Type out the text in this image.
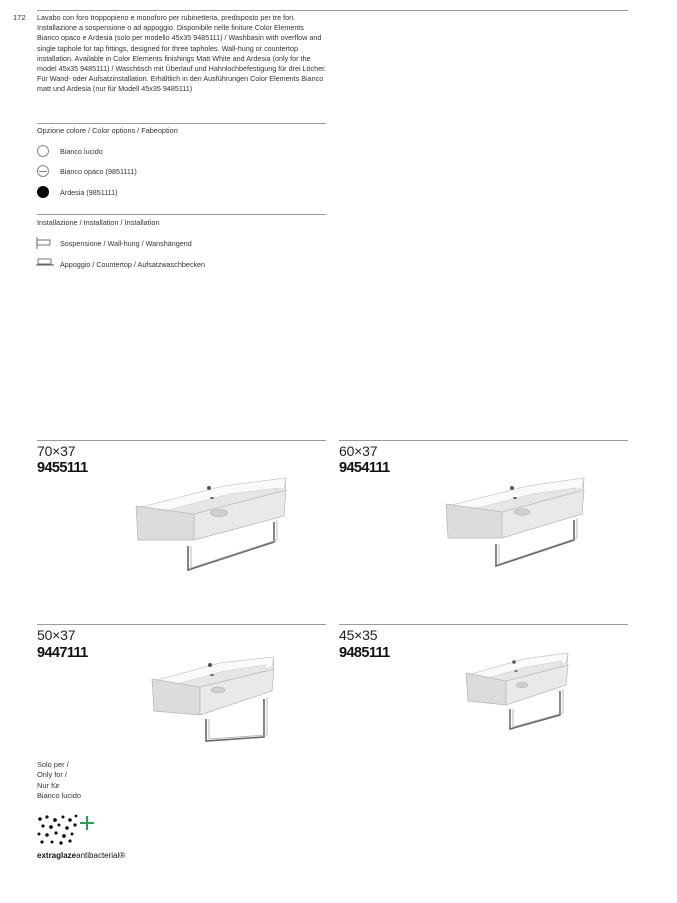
172 Lavabo con foro troppopieno e monoforo per rubinetteria, predisposto per tre fori. Installazione a sospensione o ad appoggio. Disponibile nelle finiture Color Elements Bianco opaco e Ardesia (solo per modello 45x35 9485111) / Washbasin with overflow and single taphole for tap fittings, designed for three tapholes. Wall-hung or countertop installation. Available in Color Elements finishings Matt White and Ardesia (only for the model 45x35 9485111) / Waschtisch mit Überlauf und Hahnlochbefestigung für drei Löcher. Für Wand- oder Aufsatzinstallation. Erhältlich in den Ausführungen Color Elements Bianco matt und Ardesia (nur für Modell 45x35 9485111)
Opzione colore / Color options / Fabeoption
Bianco lucido
Bianco opaco (9851111)
Ardesia (9851111)
Installazione / Installation / Installation
Sospensione / Wall-hung / Wanshängend
Appoggio / Countertop / Aufsatzwaschbecken
70×37
9455111
60×37
9454111
50×37
9447111
45×35
9485111
Solo per /
Only for /
Nur für
Bianco lucido
extraglazeantibacterial®
